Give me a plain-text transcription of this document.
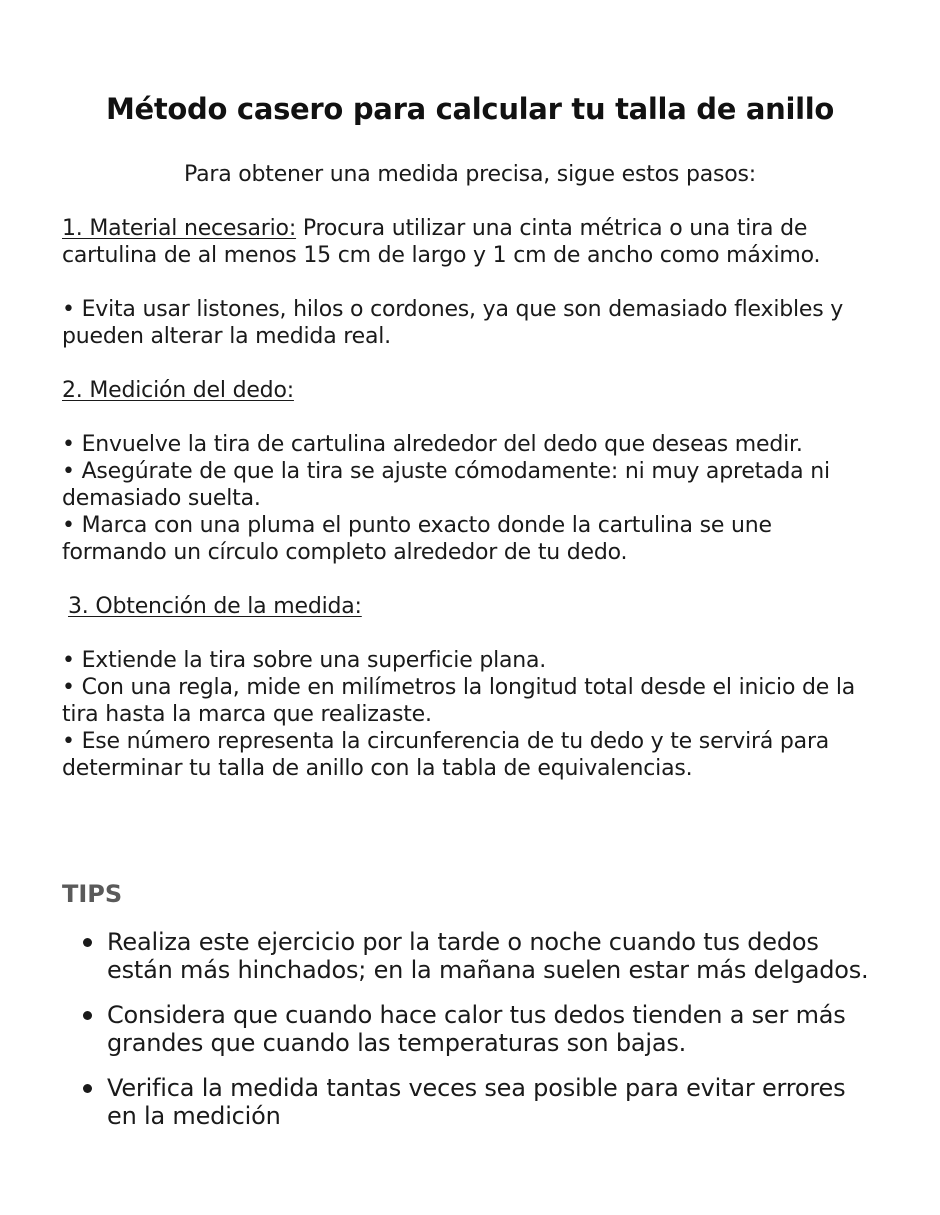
Método casero para calcular tu talla de anillo

Para obtener una medida precisa, sigue estos pasos:

1. Material necesario: Procura utilizar una cinta métrica o una tira de cartulina de al menos 15 cm de largo y 1 cm de ancho como máximo.

• Evita usar listones, hilos o cordones, ya que son demasiado flexibles y pueden alterar la medida real.

2. Medición del dedo:

• Envuelve la tira de cartulina alrededor del dedo que deseas medir.

• Asegúrate de que la tira se ajuste cómodamente: ni muy apretada ni demasiado suelta.

• Marca con una pluma el punto exacto donde la cartulina se une formando un círculo completo alrededor de tu dedo.

3. Obtención de la medida:

• Extiende la tira sobre una superficie plana.

• Con una regla, mide en milímetros la longitud total desde el inicio de la tira hasta la marca que realizaste.

• Ese número representa la circunferencia de tu dedo y te servirá para determinar tu talla de anillo con la tabla de equivalencias.

TIPS
Realiza este ejercicio por la tarde o noche cuando tus dedos están más hinchados; en la mañana suelen estar más delgados.
Considera que cuando hace calor tus dedos tienden a ser más grandes que cuando las temperaturas son bajas.
Verifica la medida tantas veces sea posible para evitar errores en la medición
